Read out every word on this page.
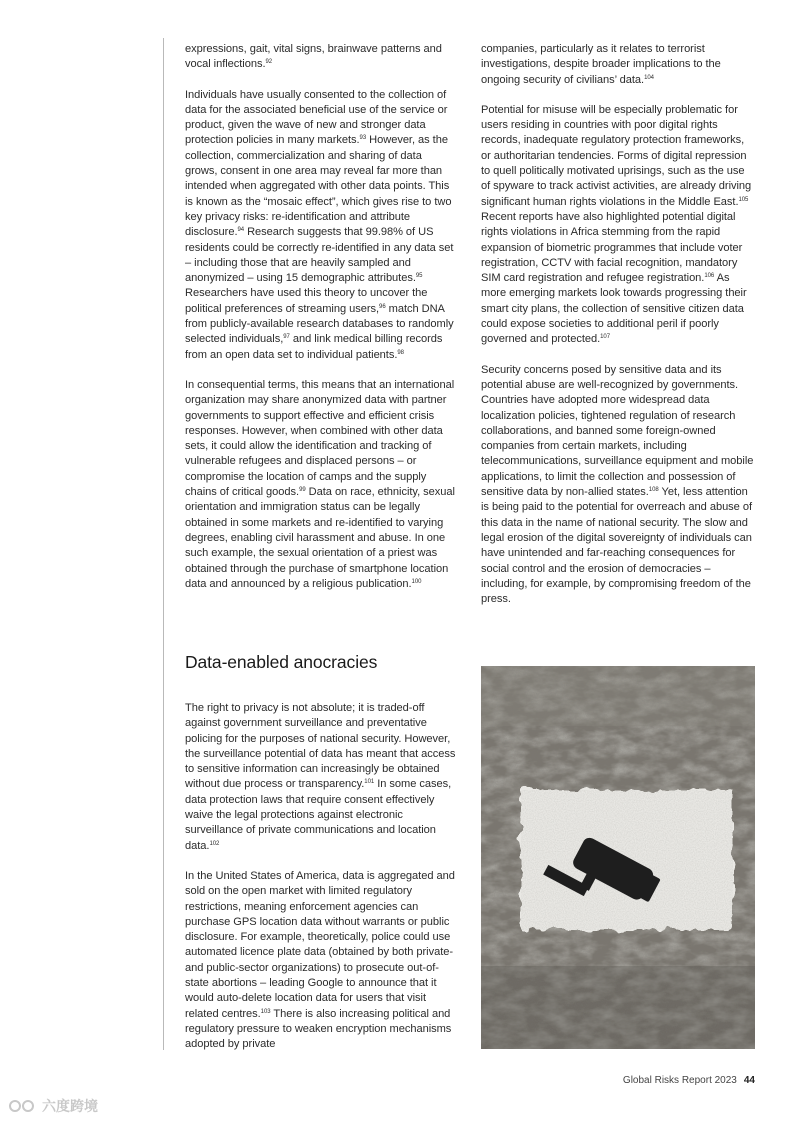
expressions, gait, vital signs, brainwave patterns and vocal inflections.$^{92}$

Individuals have usually consented to the collection of data for the associated beneficial use of the service or product, given the wave of new and stronger data protection policies in many markets.$^{93}$ However, as the collection, commercialization and sharing of data grows, consent in one area may reveal far more than intended when aggregated with other data points. This is known as the “mosaic effect”, which gives rise to two key privacy risks: re-identification and attribute disclosure.$^{94}$ Research suggests that 99.98% of US residents could be correctly re-identified in any data set – including those that are heavily sampled and anonymized – using 15 demographic attributes.$^{95}$ Researchers have used this theory to uncover the political preferences of streaming users,$^{96}$ match DNA from publicly-available research databases to randomly selected individuals,$^{97}$ and link medical billing records from an open data set to individual patients.$^{98}$

In consequential terms, this means that an international organization may share anonymized data with partner governments to support effective and efficient crisis responses. However, when combined with other data sets, it could allow the identification and tracking of vulnerable refugees and displaced persons – or compromise the location of camps and the supply chains of critical goods.$^{99}$ Data on race, ethnicity, sexual orientation and immigration status can be legally obtained in some markets and re-identified to varying degrees, enabling civil harassment and abuse. In one such example, the sexual orientation of a priest was obtained through the purchase of smartphone location data and announced by a religious publication.$^{100}$

Data-enabled anocracies

The right to privacy is not absolute; it is traded-off against government surveillance and preventative policing for the purposes of national security. However, the surveillance potential of data has meant that access to sensitive information can increasingly be obtained without due process or transparency.$^{101}$ In some cases, data protection laws that require consent effectively waive the legal protections against electronic surveillance of private communications and location data.$^{102}$

In the United States of America, data is aggregated and sold on the open market with limited regulatory restrictions, meaning enforcement agencies can purchase GPS location data without warrants or public disclosure. For example, theoretically, police could use automated licence plate data (obtained by both private- and public-sector organizations) to prosecute out-of-state abortions – leading Google to announce that it would auto-delete location data for users that visit related centres.$^{103}$ There is also increasing political and regulatory pressure to weaken encryption mechanisms adopted by private

companies, particularly as it relates to terrorist investigations, despite broader implications to the ongoing security of civilians’ data.$^{104}$

Potential for misuse will be especially problematic for users residing in countries with poor digital rights records, inadequate regulatory protection frameworks, or authoritarian tendencies. Forms of digital repression to quell politically motivated uprisings, such as the use of spyware to track activist activities, are already driving significant human rights violations in the Middle East.$^{105}$ Recent reports have also highlighted potential digital rights violations in Africa stemming from the rapid expansion of biometric programmes that include voter registration, CCTV with facial recognition, mandatory SIM card registration and refugee registration.$^{106}$ As more emerging markets look towards progressing their smart city plans, the collection of sensitive citizen data could expose societies to additional peril if poorly governed and protected.$^{107}$

Security concerns posed by sensitive data and its potential abuse are well-recognized by governments. Countries have adopted more widespread data localization policies, tightened regulation of research collaborations, and banned some foreign-owned companies from certain markets, including telecommunications, surveillance equipment and mobile applications, to limit the collection and possession of sensitive data by non-allied states.$^{108}$ Yet, less attention is being paid to the potential for overreach and abuse of this data in the name of national security. The slow and legal erosion of the digital sovereignty of individuals can have unintended and far-reaching consequences for social control and the erosion of democracies – including, for example, by compromising freedom of the press.

Global Risks Report 2023 44
六度跨境
